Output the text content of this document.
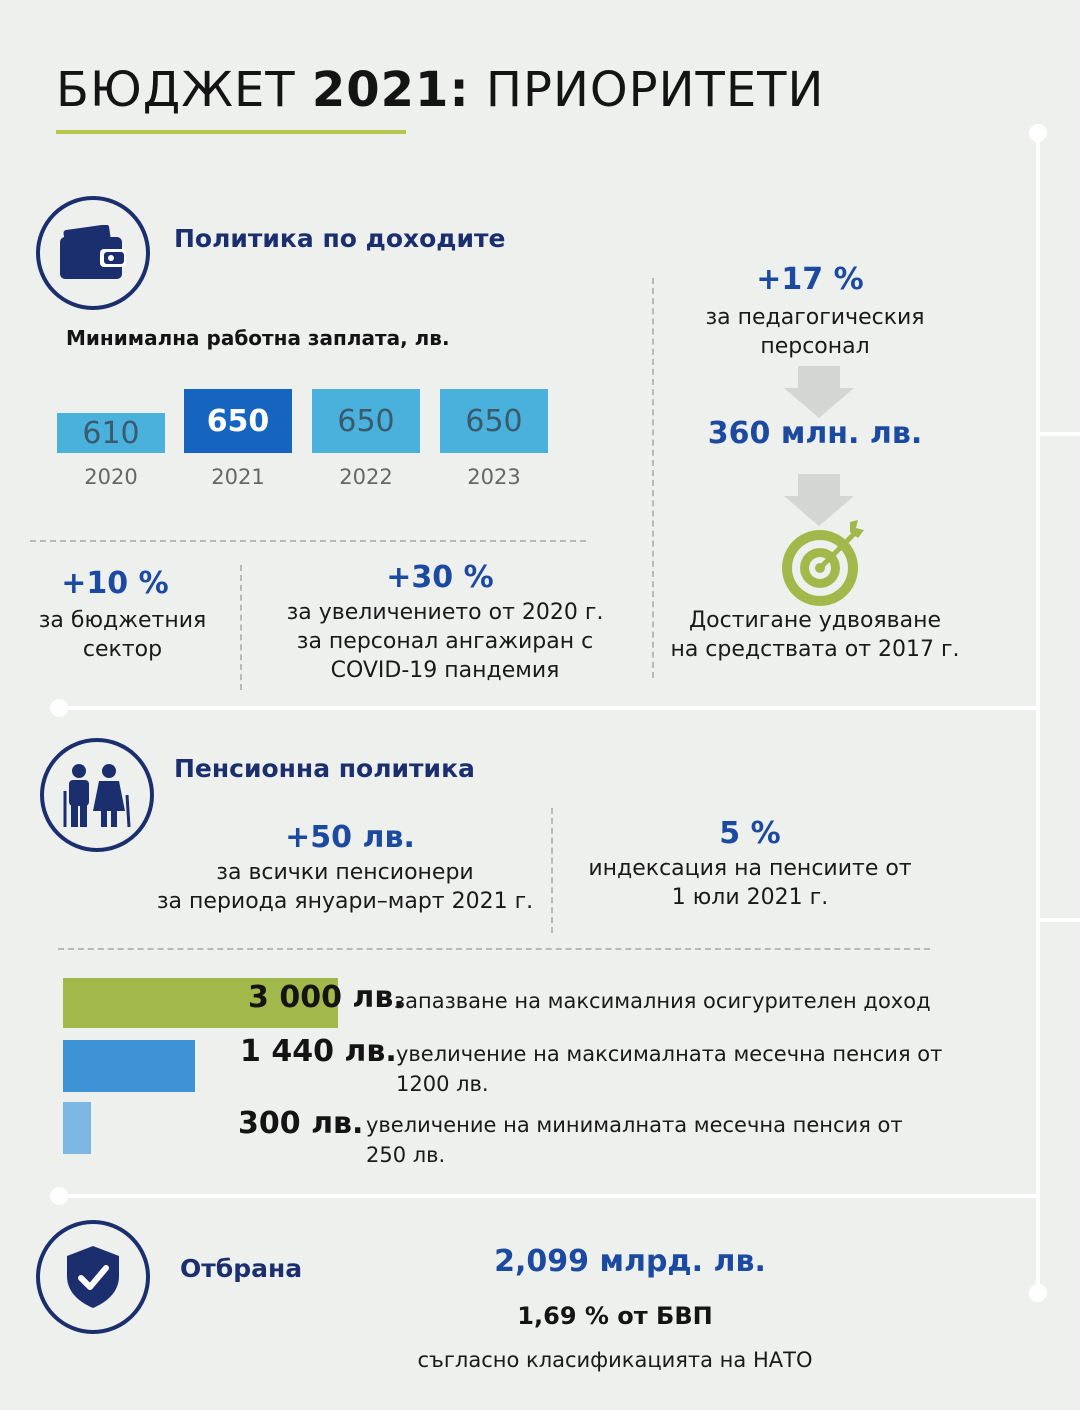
БЮДЖЕТ 2021: ПРИОРИТЕТИ
Политика по доходите
Минимална работна заплата, лв.
610	650	650	650
2020	2021	2022	2023
+10 %
за бюджетния
сектор
+30 %
за увеличението от 2020 г.
за персонал ангажиран с
COVID-19 пандемия
+17 %
за педагогическия
персонал
360 млн. лв.
Достигане удвояване
на средствата от 2017 г.
Пенсионна политика
+50 лв.
за всички пенсионери
за периода януари–март 2021 г.
5 %
индексация на пенсиите от
1 юли 2021 г.
3 000 лв.
запазване на максималния осигурителен доход
1 440 лв. увеличение на максималната месечна пенсия от
1200 лв.
300 лв. увеличение на минималната месечна пенсия от
250 лв.
Отбрана	2,099 млрд. лв.
1,69 % от БВП
съгласно класификацията на НАТО
